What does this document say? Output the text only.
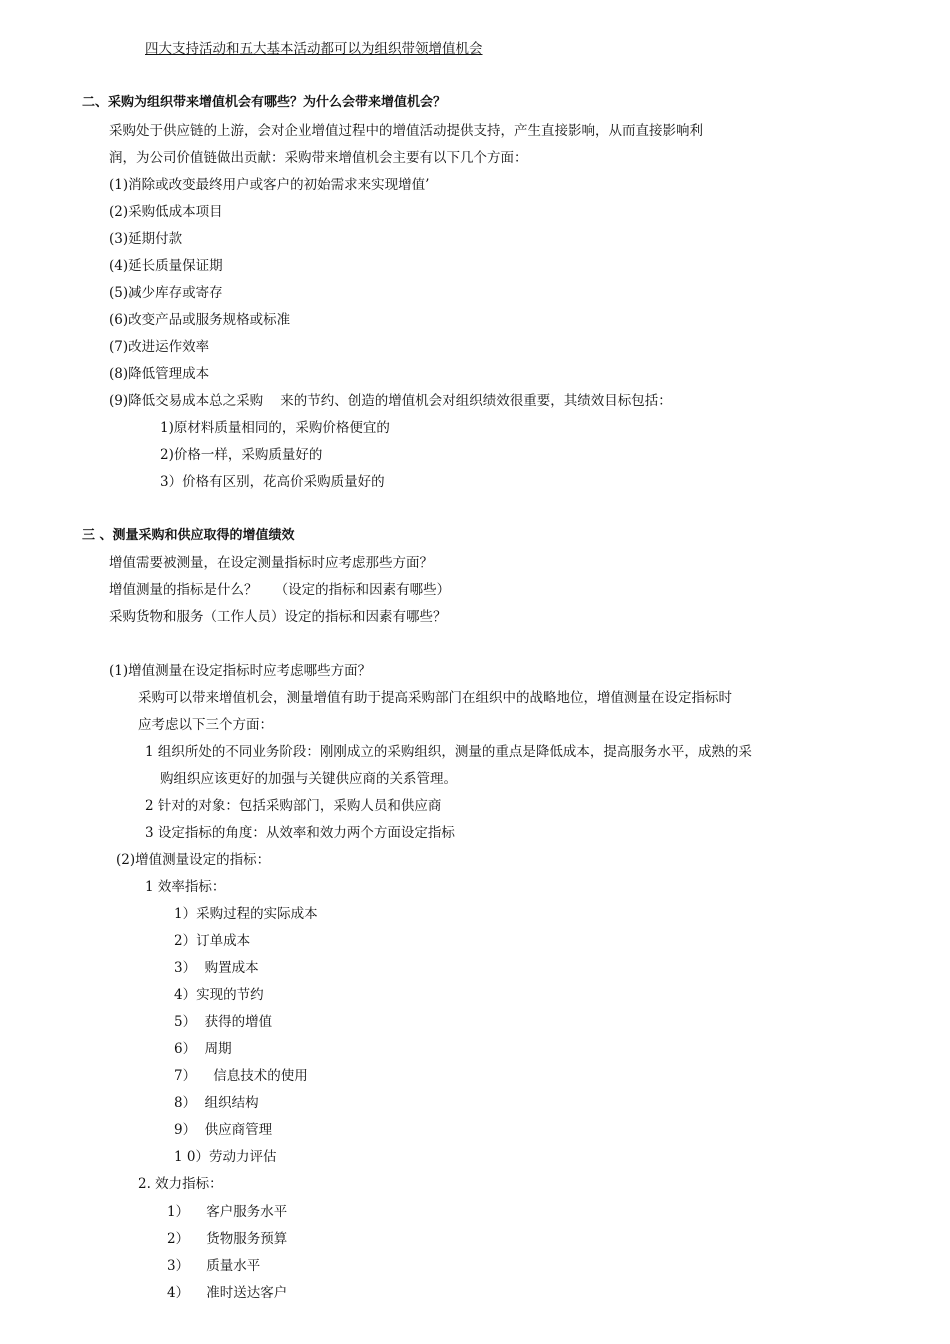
四大支持活动和五大基本活动都可以为组织带领增值机会
二、采购为组织带来增值机会有哪些？为什么会带来增值机会？
采购处于供应链的上游，会对企业增值过程中的增值活动提供支持，产生直接影响，从而直接影响利
润，为公司价值链做出贡献：采购带来增值机会主要有以下几个方面：
(1)消除或改变最终用户或客户的初始需求来实现增值’
(2)采购低成本项目
(3)延期付款
(4)延长质量保证期
(5)减少库存或寄存
(6)改变产品或服务规格或标准
(7)改进运作效率
(8)降低管理成本
(9)降低交易成本总之采购    来的节约、创造的增值机会对组织绩效很重要，其绩效目标包括：
1)原材料质量相同的，采购价格便宜的
2)价格一样，采购质量好的
3）价格有区别，花高价采购质量好的
三 、测量采购和供应取得的增值绩效
增值需要被测量，在设定测量指标时应考虑那些方面？
增值测量的指标是什么？    （设定的指标和因素有哪些）
采购货物和服务（工作人员）设定的指标和因素有哪些？
(1)增值测量在设定指标时应考虑哪些方面？
采购可以带来增值机会，测量增值有助于提高采购部门在组织中的战略地位，增值测量在设定指标时
应考虑以下三个方面：
1 组织所处的不同业务阶段：刚刚成立的采购组织，测量的重点是降低成本，提高服务水平，成熟的采
购组织应该更好的加强与关键供应商的关系管理。
2 针对的对象：包括采购部门，采购人员和供应商
3 设定指标的角度：从效率和效力两个方面设定指标
(2)增值测量设定的指标：
1 效率指标：
1）采购过程的实际成本
2）订单成本
3）  购置成本
4）实现的节约
5）  获得的增值
6）  周期
7）    信息技术的使用
8）  组织结构
9）  供应商管理
1 0）劳动力评估
2. 效力指标：
1）    客户服务水平
2）    货物服务预算
3）    质量水平
4）    准时送达客户
